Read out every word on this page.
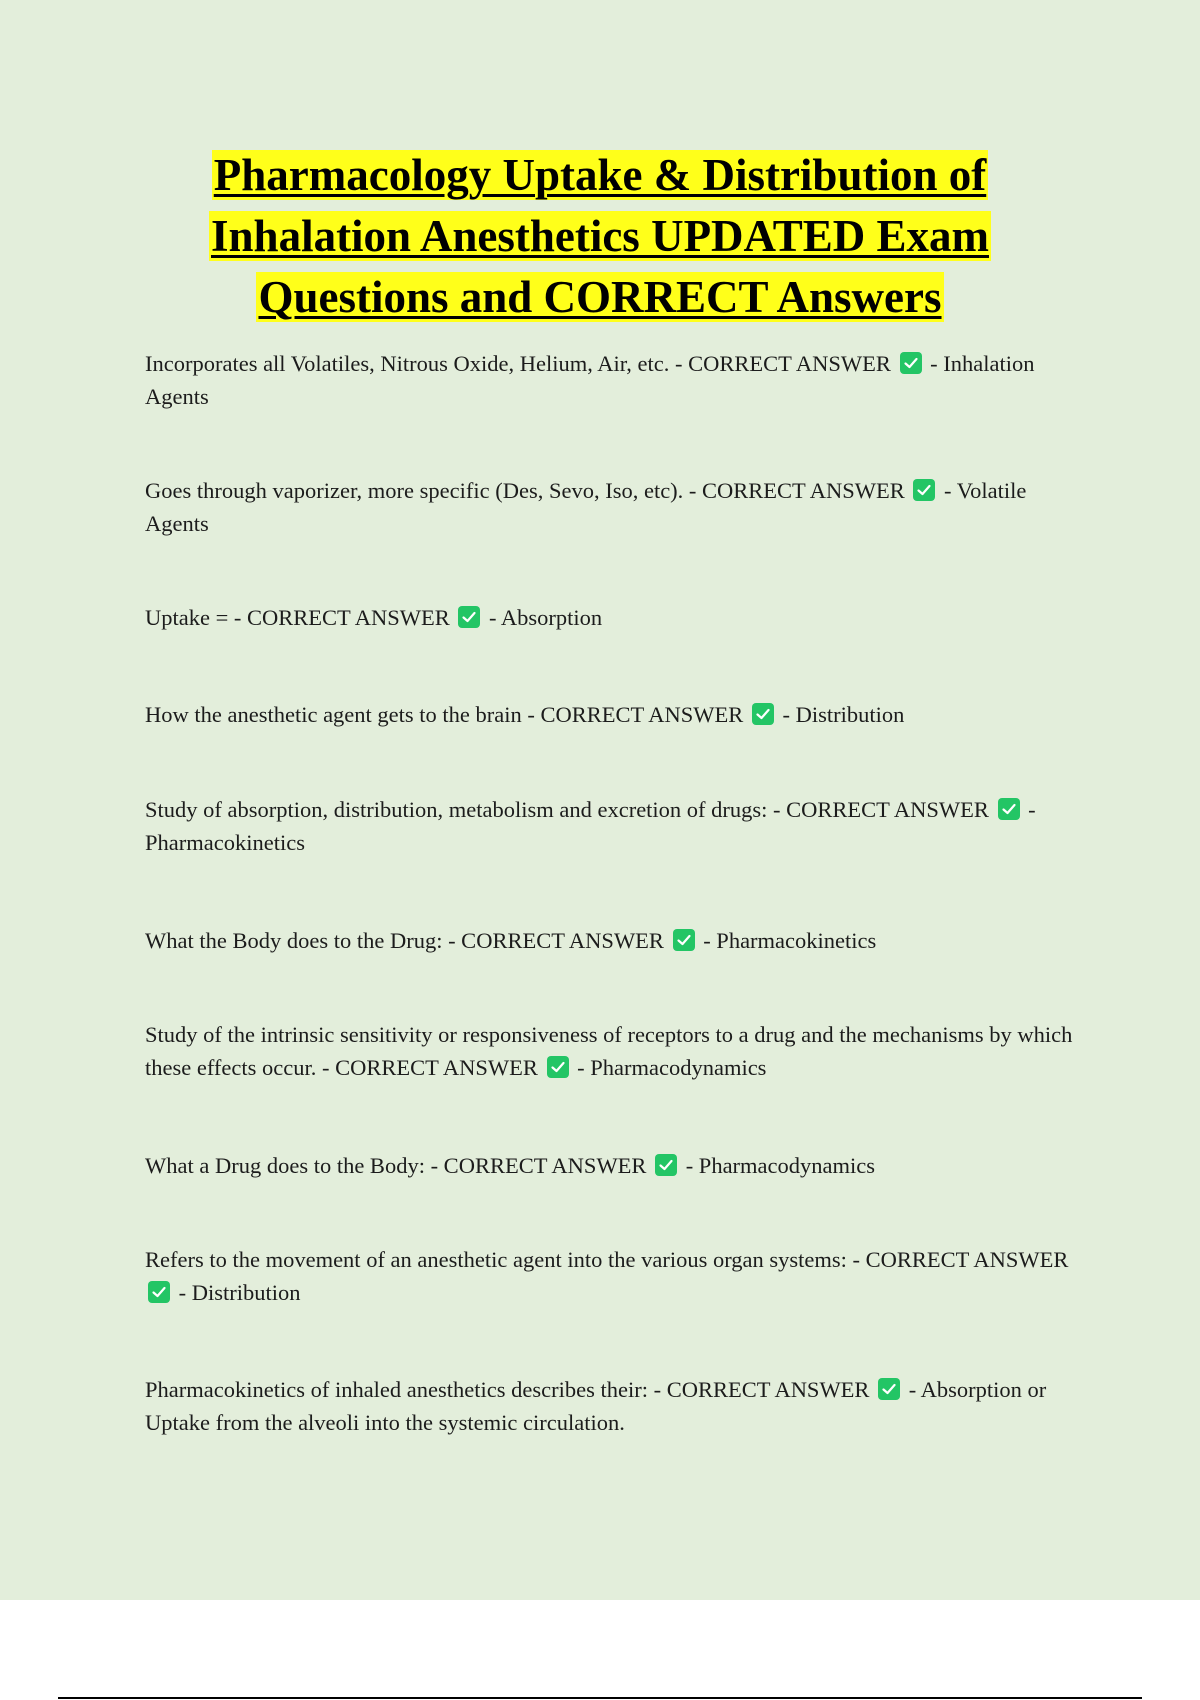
Pharmacology Uptake & Distribution of
Inhalation Anesthetics UPDATED Exam
Questions and CORRECT Answers
Incorporates all Volatiles, Nitrous Oxide, Helium, Air, etc. - CORRECT ANSWER - Inhalation Agents
Goes through vaporizer, more specific (Des, Sevo, Iso, etc). - CORRECT ANSWER - Volatile Agents
Uptake = - CORRECT ANSWER - Absorption
How the anesthetic agent gets to the brain - CORRECT ANSWER - Distribution
Study of absorption, distribution, metabolism and excretion of drugs: - CORRECT ANSWER - Pharmacokinetics
What the Body does to the Drug: - CORRECT ANSWER - Pharmacokinetics
Study of the intrinsic sensitivity or responsiveness of receptors to a drug and the mechanisms by which these effects occur. - CORRECT ANSWER - Pharmacodynamics
What a Drug does to the Body: - CORRECT ANSWER - Pharmacodynamics
Refers to the movement of an anesthetic agent into the various organ systems: - CORRECT ANSWER
- Distribution
Pharmacokinetics of inhaled anesthetics describes their: - CORRECT ANSWER - Absorption or Uptake from the alveoli into the systemic circulation.
